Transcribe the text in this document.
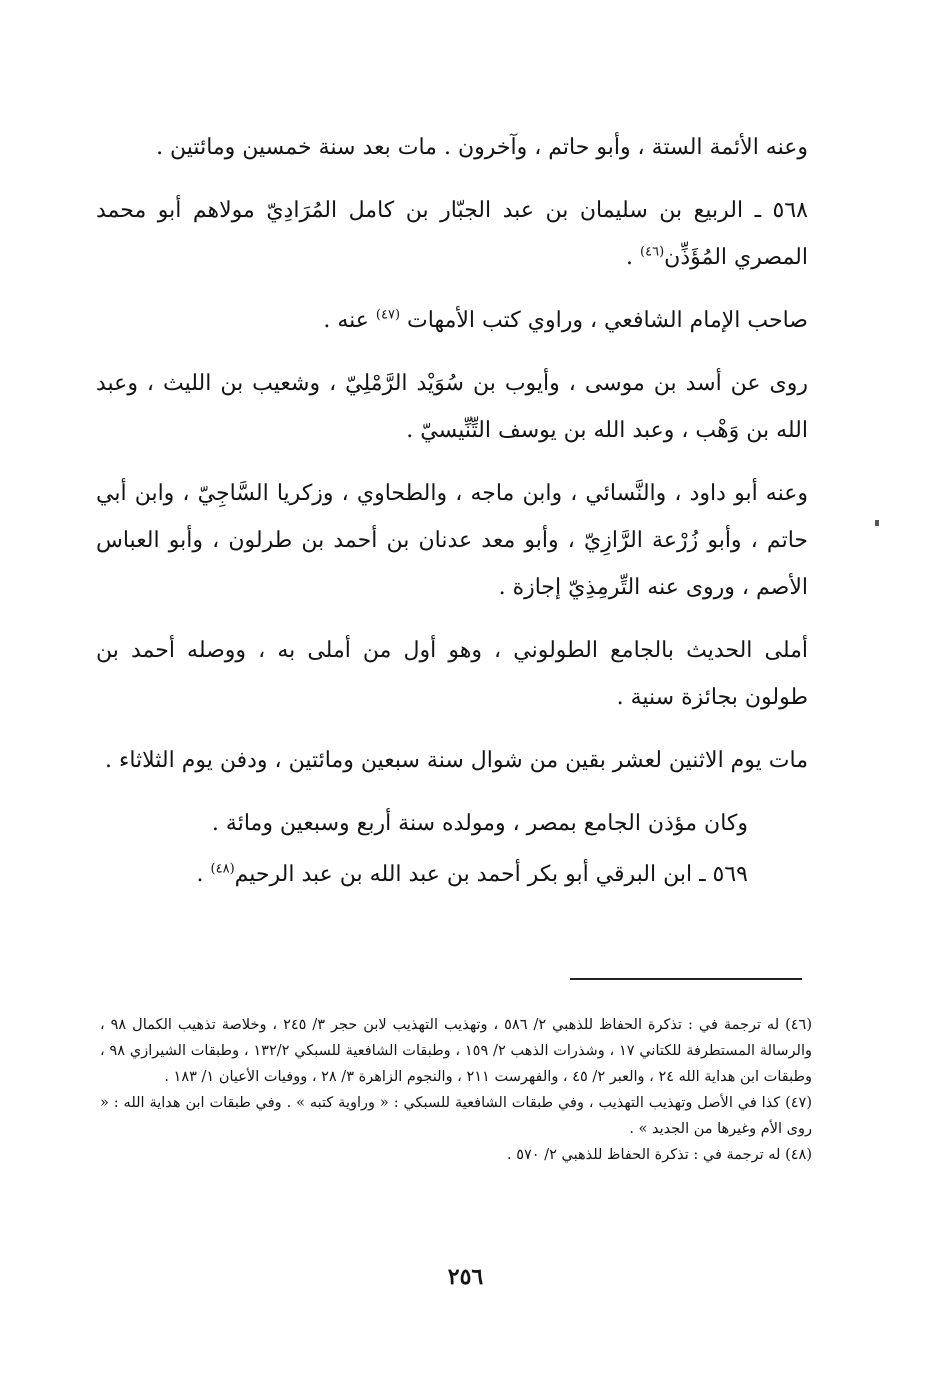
وعنه الأئمة الستة ، وأبو حاتم ، وآخرون . مات بعد سنة خمسين ومائتين .

٥٦٨ ـ الربيع بن سليمان بن عبد الجبّار بن كامل المُرَادِيّ مولاهم أبو محمد المصري المُؤَذِّن$^{(٤٦)}$ .

صاحب الإمام الشافعي ، وراوي كتب الأمهات $^{(٤٧)}$ عنه .

روى عن أسد بن موسى ، وأيوب بن سُوَيْد الرَّمْلِيّ ، وشعيب بن الليث ، وعبد الله بن وَهْب ، وعبد الله بن يوسف التِّنِّيسيّ .

وعنه أبو داود ، والنَّسائي ، وابن ماجه ، والطحاوي ، وزكريا السَّاجِيّ ، وابن أبي حاتم ، وأبو زُرْعة الرَّازِيّ ، وأبو معد عدنان بن أحمد بن طرلون ، وأبو العباس الأصم ، وروى عنه التِّرمِذِيّ إجازة .

أملى الحديث بالجامع الطولوني ، وهو أول من أملى به ، ووصله أحمد بن طولون بجائزة سنية .

مات يوم الاثنين لعشر بقين من شوال سنة سبعين ومائتين ، ودفن يوم الثلاثاء .

وكان مؤذن الجامع بمصر ، ومولده سنة أربع وسبعين ومائة .

٥٦٩ ـ ابن البرقي أبو بكر أحمد بن عبد الله بن عبد الرحيم$^{(٤٨)}$ .

(٤٦) له ترجمة في : تذكرة الحفاظ للذهبي ٢/ ٥٨٦ ، وتهذيب التهذيب لابن حجر ٣/ ٢٤٥ ، وخلاصة تذهيب الكمال ٩٨ ، والرسالة المستطرفة للكتاني ١٧ ، وشذرات الذهب ٢/ ١٥٩ ، وطبقات الشافعية للسبكي ١٣٢/٢ ، وطبقات الشيرازي ٩٨ ، وطبقات ابن هداية الله ٢٤ ، والعبر ٢/ ٤٥ ، والفهرست ٢١١ ، والنجوم الزاهرة ٣/ ٢٨ ، ووفيات الأعيان ١/ ١٨٣ .

(٤٧) كذا في الأصل وتهذيب التهذيب ، وفي طبقات الشافعية للسبكي : « وراوية كتبه » . وفي طبقات ابن هداية الله : « روى الأم وغيرها من الجديد » .

(٤٨) له ترجمة في : تذكرة الحفاظ للذهبي ٢/ ٥٧٠ .

٢٥٦
